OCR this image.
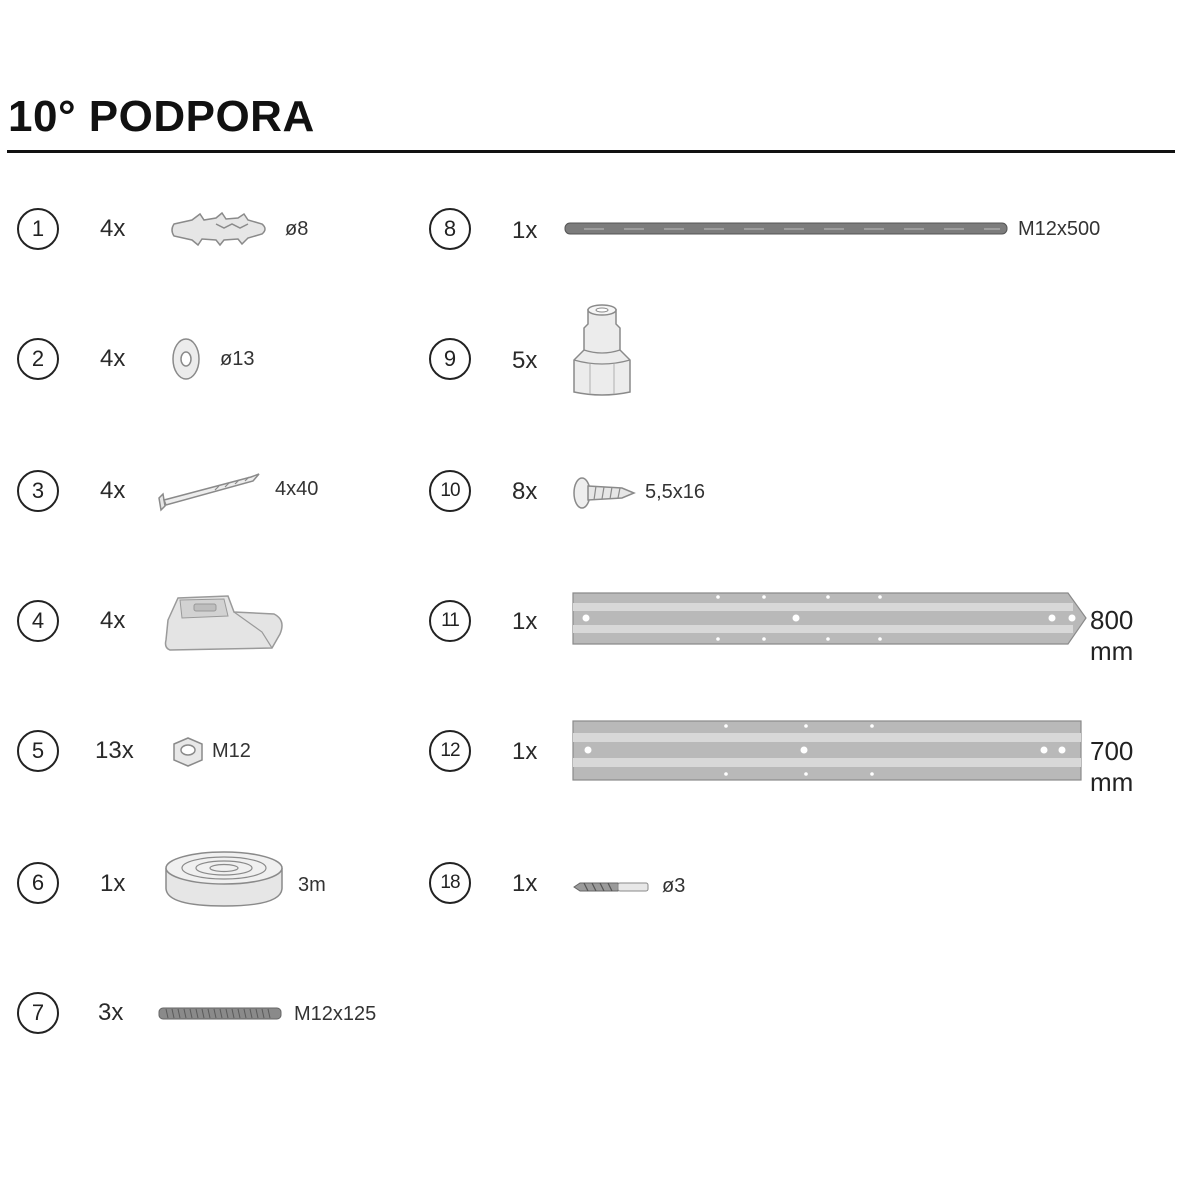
10° PODPORA
1	4x	ø8
2	4x	ø13
3	4x	4x40
4	4x
5	13x	M12
6	1x	3m
7	3x	M12x125
8	1x	M12x500
9	5x
10	8x	5,5x16
11	1x	800 mm
12	1x	700 mm
18	1x	ø3
